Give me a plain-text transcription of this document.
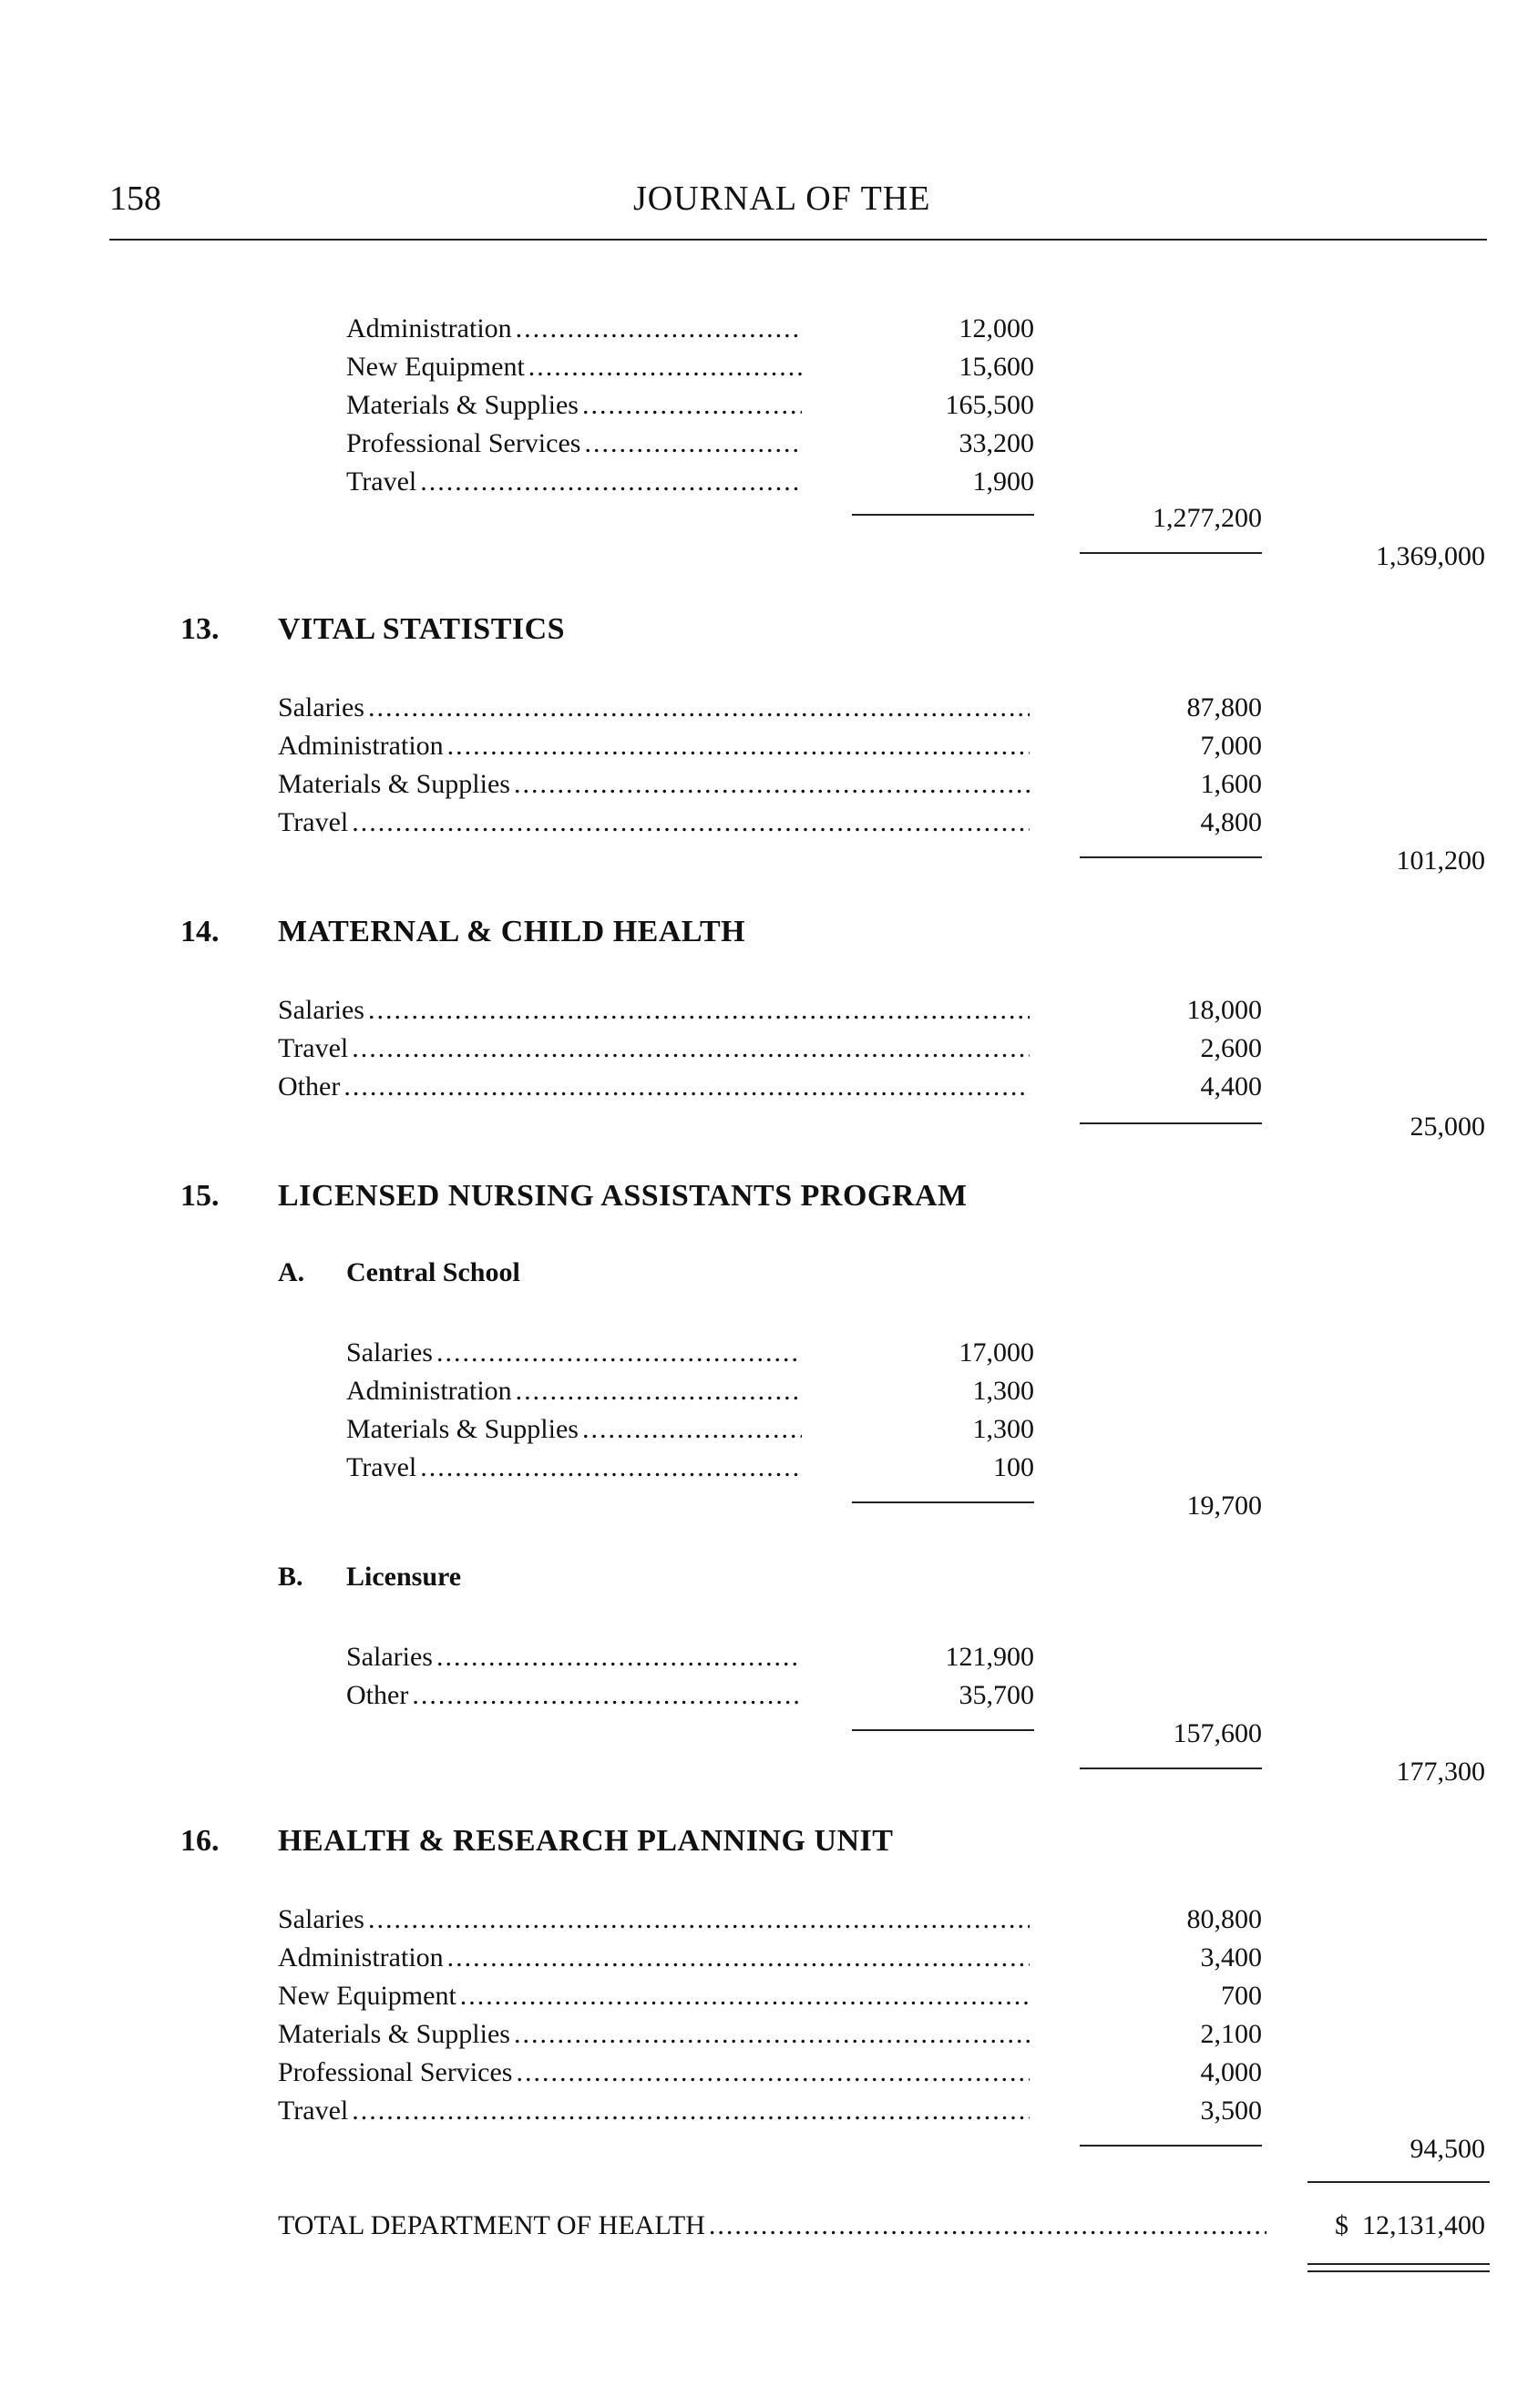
158	JOURNAL OF THE
Administration .....	12,000
New Equipment .....	15,600
Materials & Supplies .....	165,500
Professional Services .....	33,200
Travel .....	1,900
1,277,200
1,369,000
13. VITAL STATISTICS
Salaries .....	87,800
Administration .....	7,000
Materials & Supplies .....	1,600
Travel .....	4,800
101,200
14. MATERNAL & CHILD HEALTH
Salaries .....	18,000
Travel .....	2,600
Other .....	4,400
25,000
15. LICENSED NURSING ASSISTANTS PROGRAM
A. Central School
Salaries .....	17,000
Administration .....	1,300
Materials & Supplies .....	1,300
Travel .....	100
19,700
B. Licensure
Salaries .....	121,900
Other .....	35,700
157,600
177,300
16. HEALTH & RESEARCH PLANNING UNIT
Salaries .....	80,800
Administration .....	3,400
New Equipment .....	700
Materials & Supplies .....	2,100
Professional Services .....	4,000
Travel .....	3,500
94,500
TOTAL DEPARTMENT OF HEALTH .....	$  12,131,400
